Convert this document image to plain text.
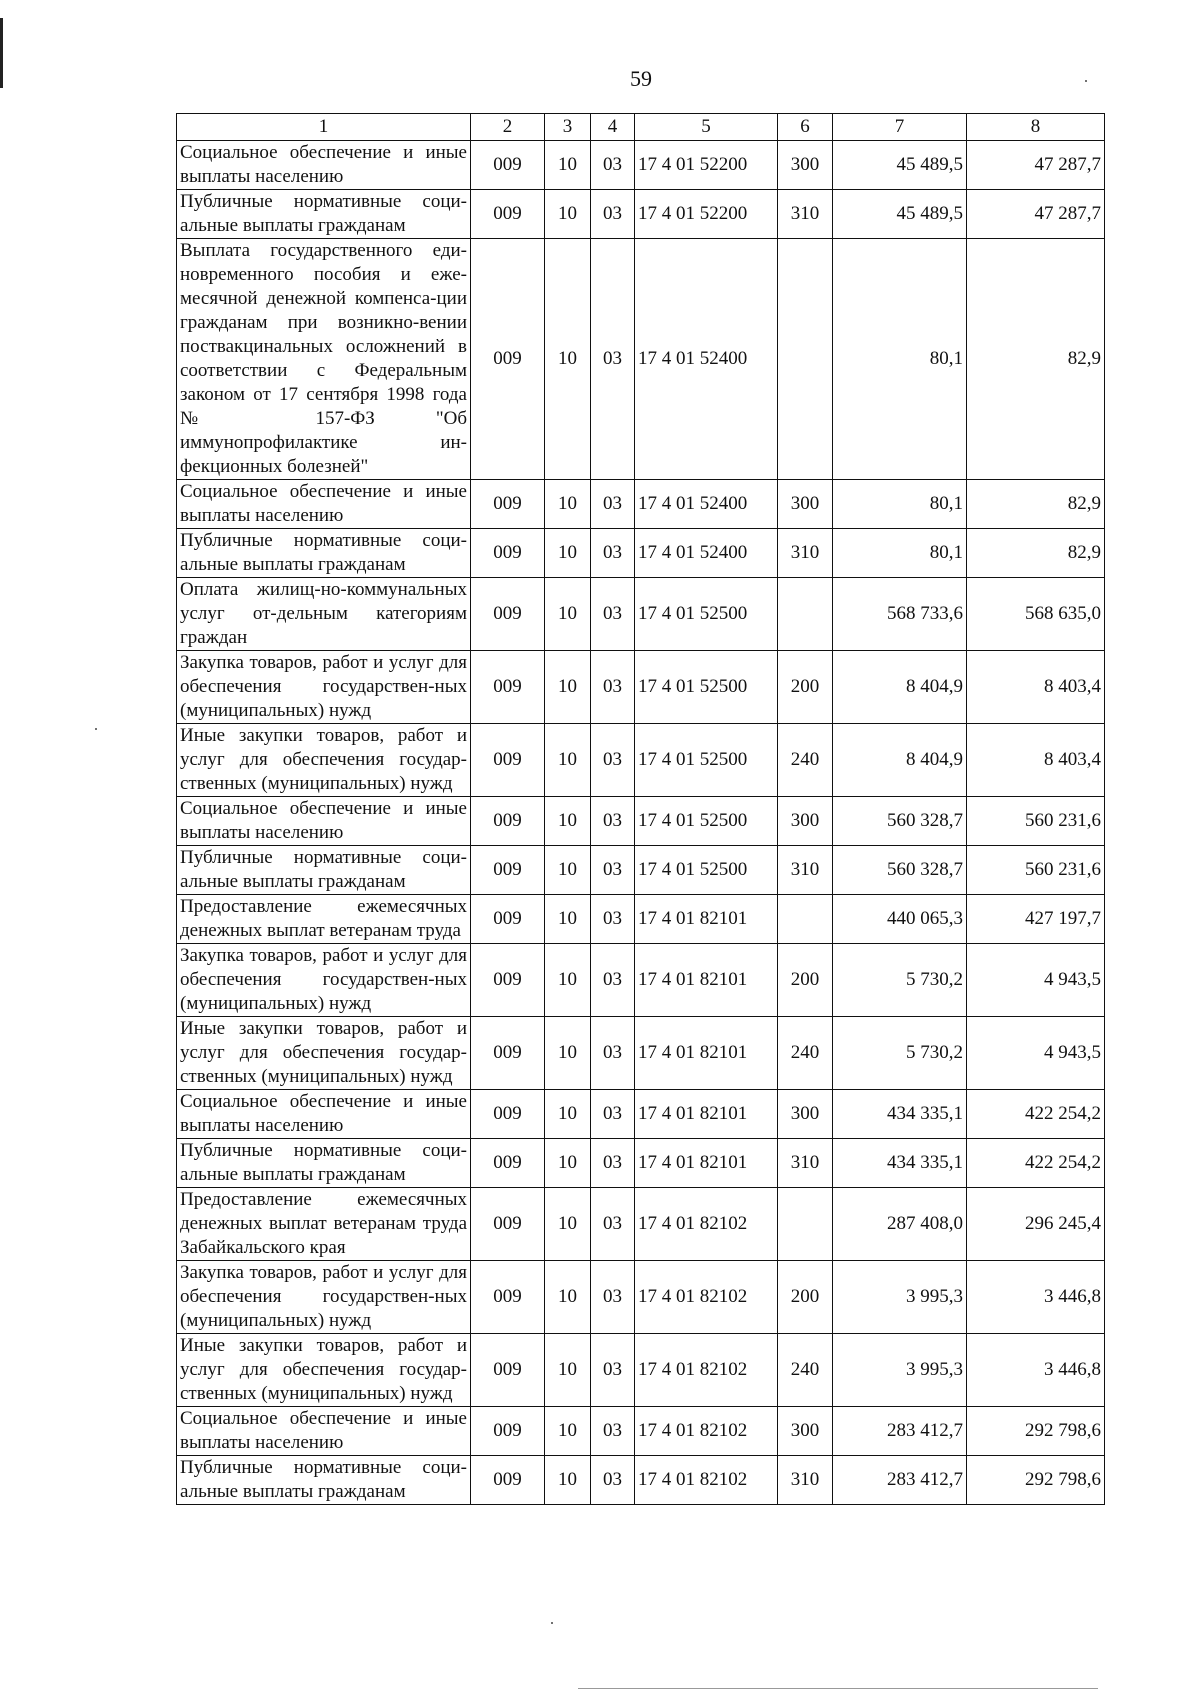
59
1	2	3	4	5	6	7	8
Социальное обеспечение и иные выплаты населению	009	10	03	17 4 01 52200	300	45 489,5	47 287,7
Публичные нормативные соци-альные выплаты гражданам	009	10	03	17 4 01 52200	310	45 489,5	47 287,7
Выплата государственного еди-новременного пособия и еже-месячной денежной компенса-ции гражданам при возникно-вении поствакцинальных осложнений в соответствии с Федеральным законом от 17 сентября 1998 года № 157-ФЗ "Об иммунопрофилактике ин-фекционных болезней"	009	10	03	17 4 01 52400		80,1	82,9
Социальное обеспечение и иные выплаты населению	009	10	03	17 4 01 52400	300	80,1	82,9
Публичные нормативные соци-альные выплаты гражданам	009	10	03	17 4 01 52400	310	80,1	82,9
Оплата жилищ-но-коммунальных услуг от-дельным категориям граждан	009	10	03	17 4 01 52500		568 733,6	568 635,0
Закупка товаров, работ и услуг для обеспечения государствен-ных (муниципальных) нужд	009	10	03	17 4 01 52500	200	8 404,9	8 403,4
Иные закупки товаров, работ и услуг для обеспечения государ-ственных (муниципальных) нужд	009	10	03	17 4 01 52500	240	8 404,9	8 403,4
Социальное обеспечение и иные выплаты населению	009	10	03	17 4 01 52500	300	560 328,7	560 231,6
Публичные нормативные соци-альные выплаты гражданам	009	10	03	17 4 01 52500	310	560 328,7	560 231,6
Предоставление ежемесячных денежных выплат ветеранам труда	009	10	03	17 4 01 82101		440 065,3	427 197,7
Закупка товаров, работ и услуг для обеспечения государствен-ных (муниципальных) нужд	009	10	03	17 4 01 82101	200	5 730,2	4 943,5
Иные закупки товаров, работ и услуг для обеспечения государ-ственных (муниципальных) нужд	009	10	03	17 4 01 82101	240	5 730,2	4 943,5
Социальное обеспечение и иные выплаты населению	009	10	03	17 4 01 82101	300	434 335,1	422 254,2
Публичные нормативные соци-альные выплаты гражданам	009	10	03	17 4 01 82101	310	434 335,1	422 254,2
Предоставление ежемесячных денежных выплат ветеранам труда Забайкальского края	009	10	03	17 4 01 82102		287 408,0	296 245,4
Закупка товаров, работ и услуг для обеспечения государствен-ных (муниципальных) нужд	009	10	03	17 4 01 82102	200	3 995,3	3 446,8
Иные закупки товаров, работ и услуг для обеспечения государ-ственных (муниципальных) нужд	009	10	03	17 4 01 82102	240	3 995,3	3 446,8
Социальное обеспечение и иные выплаты населению	009	10	03	17 4 01 82102	300	283 412,7	292 798,6
Публичные нормативные соци-альные выплаты гражданам	009	10	03	17 4 01 82102	310	283 412,7	292 798,6
